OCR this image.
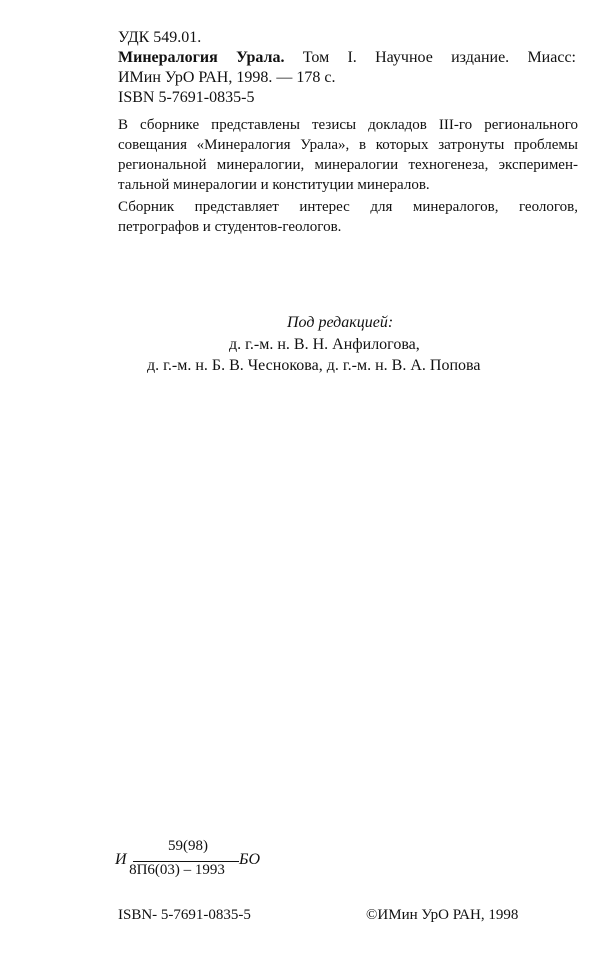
УДК 549.01.
Минералогия Урала. Том I. Научное издание. Миасс:
ИМин УрО РАН, 1998. — 178 с.
ISBN 5-7691-0835-5
В сборнике представлены тезисы докладов III-го регионального
совещания «Минералогия Урала», в которых затронуты проблемы
региональной минералогии, минералогии техногенеза, эксперимен-
тальной минералогии и конституции минералов.
Сборник представляет интерес для минералогов, геологов,
петрографов и студентов-геологов.
Под редакцией:
д. г.-м. н. В. Н. Анфилогова,
д. г.-м. н. Б. В. Чеснокова, д. г.-м. н. В. А. Попова
И
59(98)
8П6(03) – 1993
БО
ISBN- 5-7691-0835-5	©ИМин УрО РАН, 1998
